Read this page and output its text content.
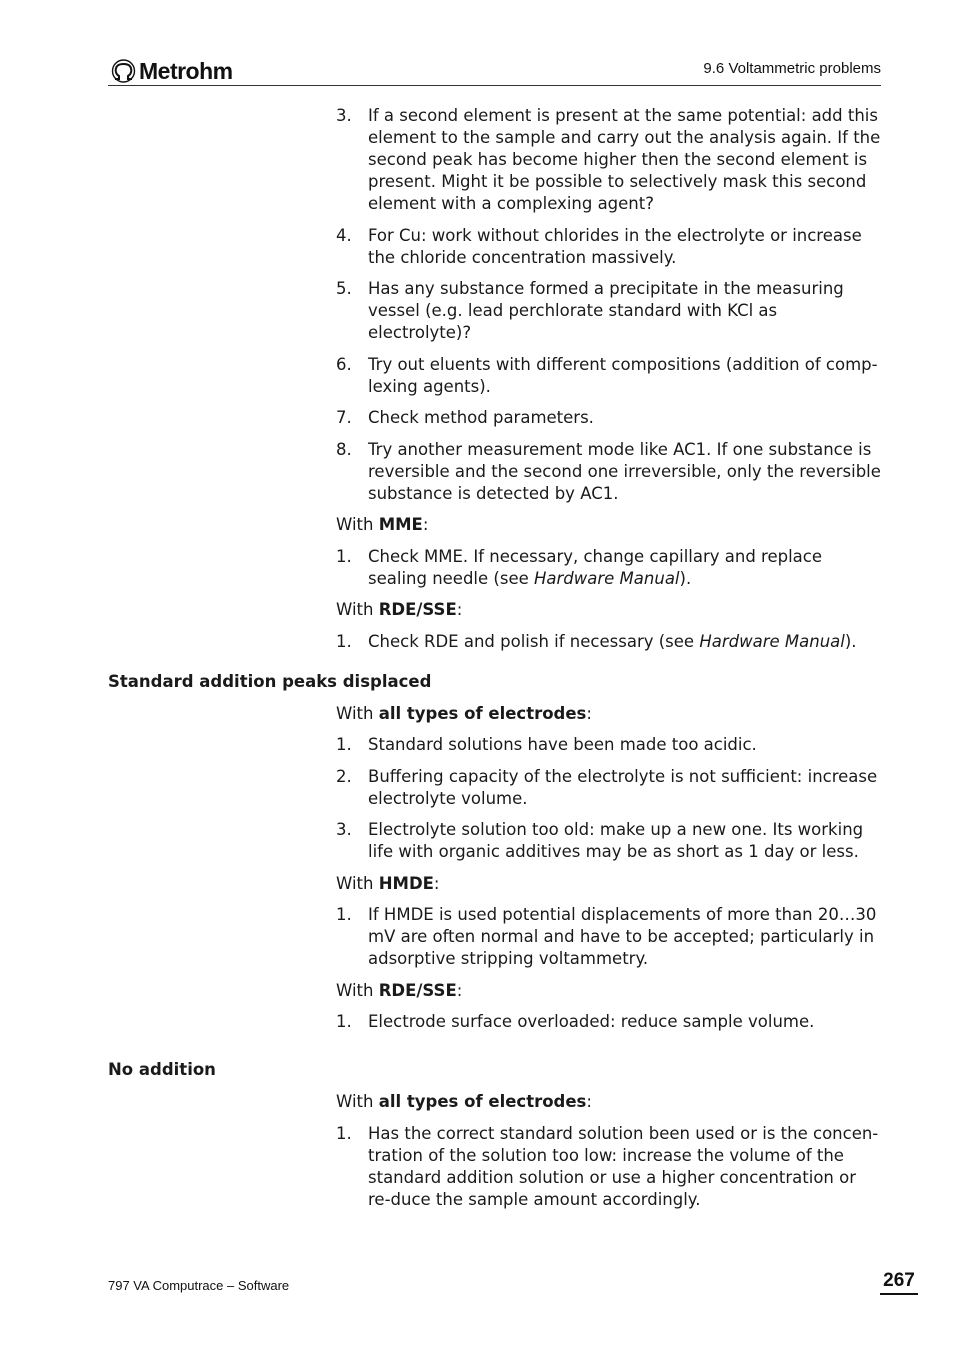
Metrohm	9.6 Voltammetric problems
3. If a second element is present at the same potential: add this element to the sample and carry out the analysis again. If the second peak has become higher then the second element is present. Might it be possible to selectively mask this second element with a complexing agent?
4. For Cu: work without chlorides in the electrolyte or increase the chloride concentration massively.
5. Has any substance formed a precipitate in the measuring vessel (e.g. lead perchlorate standard with KCl as electrolyte)?
6. Try out eluents with different compositions (addition of comp-lexing agents).
7. Check method parameters.
8. Try another measurement mode like AC1. If one substance is reversible and the second one irreversible, only the reversible substance is detected by AC1.
With MME:
1. Check MME. If necessary, change capillary and replace sealing needle (see Hardware Manual).
With RDE/SSE:
1. Check RDE and polish if necessary (see Hardware Manual).
Standard addition peaks displaced
With all types of electrodes:
1. Standard solutions have been made too acidic.
2. Buffering capacity of the electrolyte is not sufficient: increase electrolyte volume.
3. Electrolyte solution too old: make up a new one. Its working life with organic additives may be as short as 1 day or less.
With HMDE:
1. If HMDE is used potential displacements of more than 20…30 mV are often normal and have to be accepted; particularly in adsorptive stripping voltammetry.
With RDE/SSE:
1. Electrode surface overloaded: reduce sample volume.
No addition
With all types of electrodes:
1. Has the correct standard solution been used or is the concen-tration of the solution too low: increase the volume of the standard addition solution or use a higher concentration or re-duce the sample amount accordingly.
797 VA Computrace – Software	267
